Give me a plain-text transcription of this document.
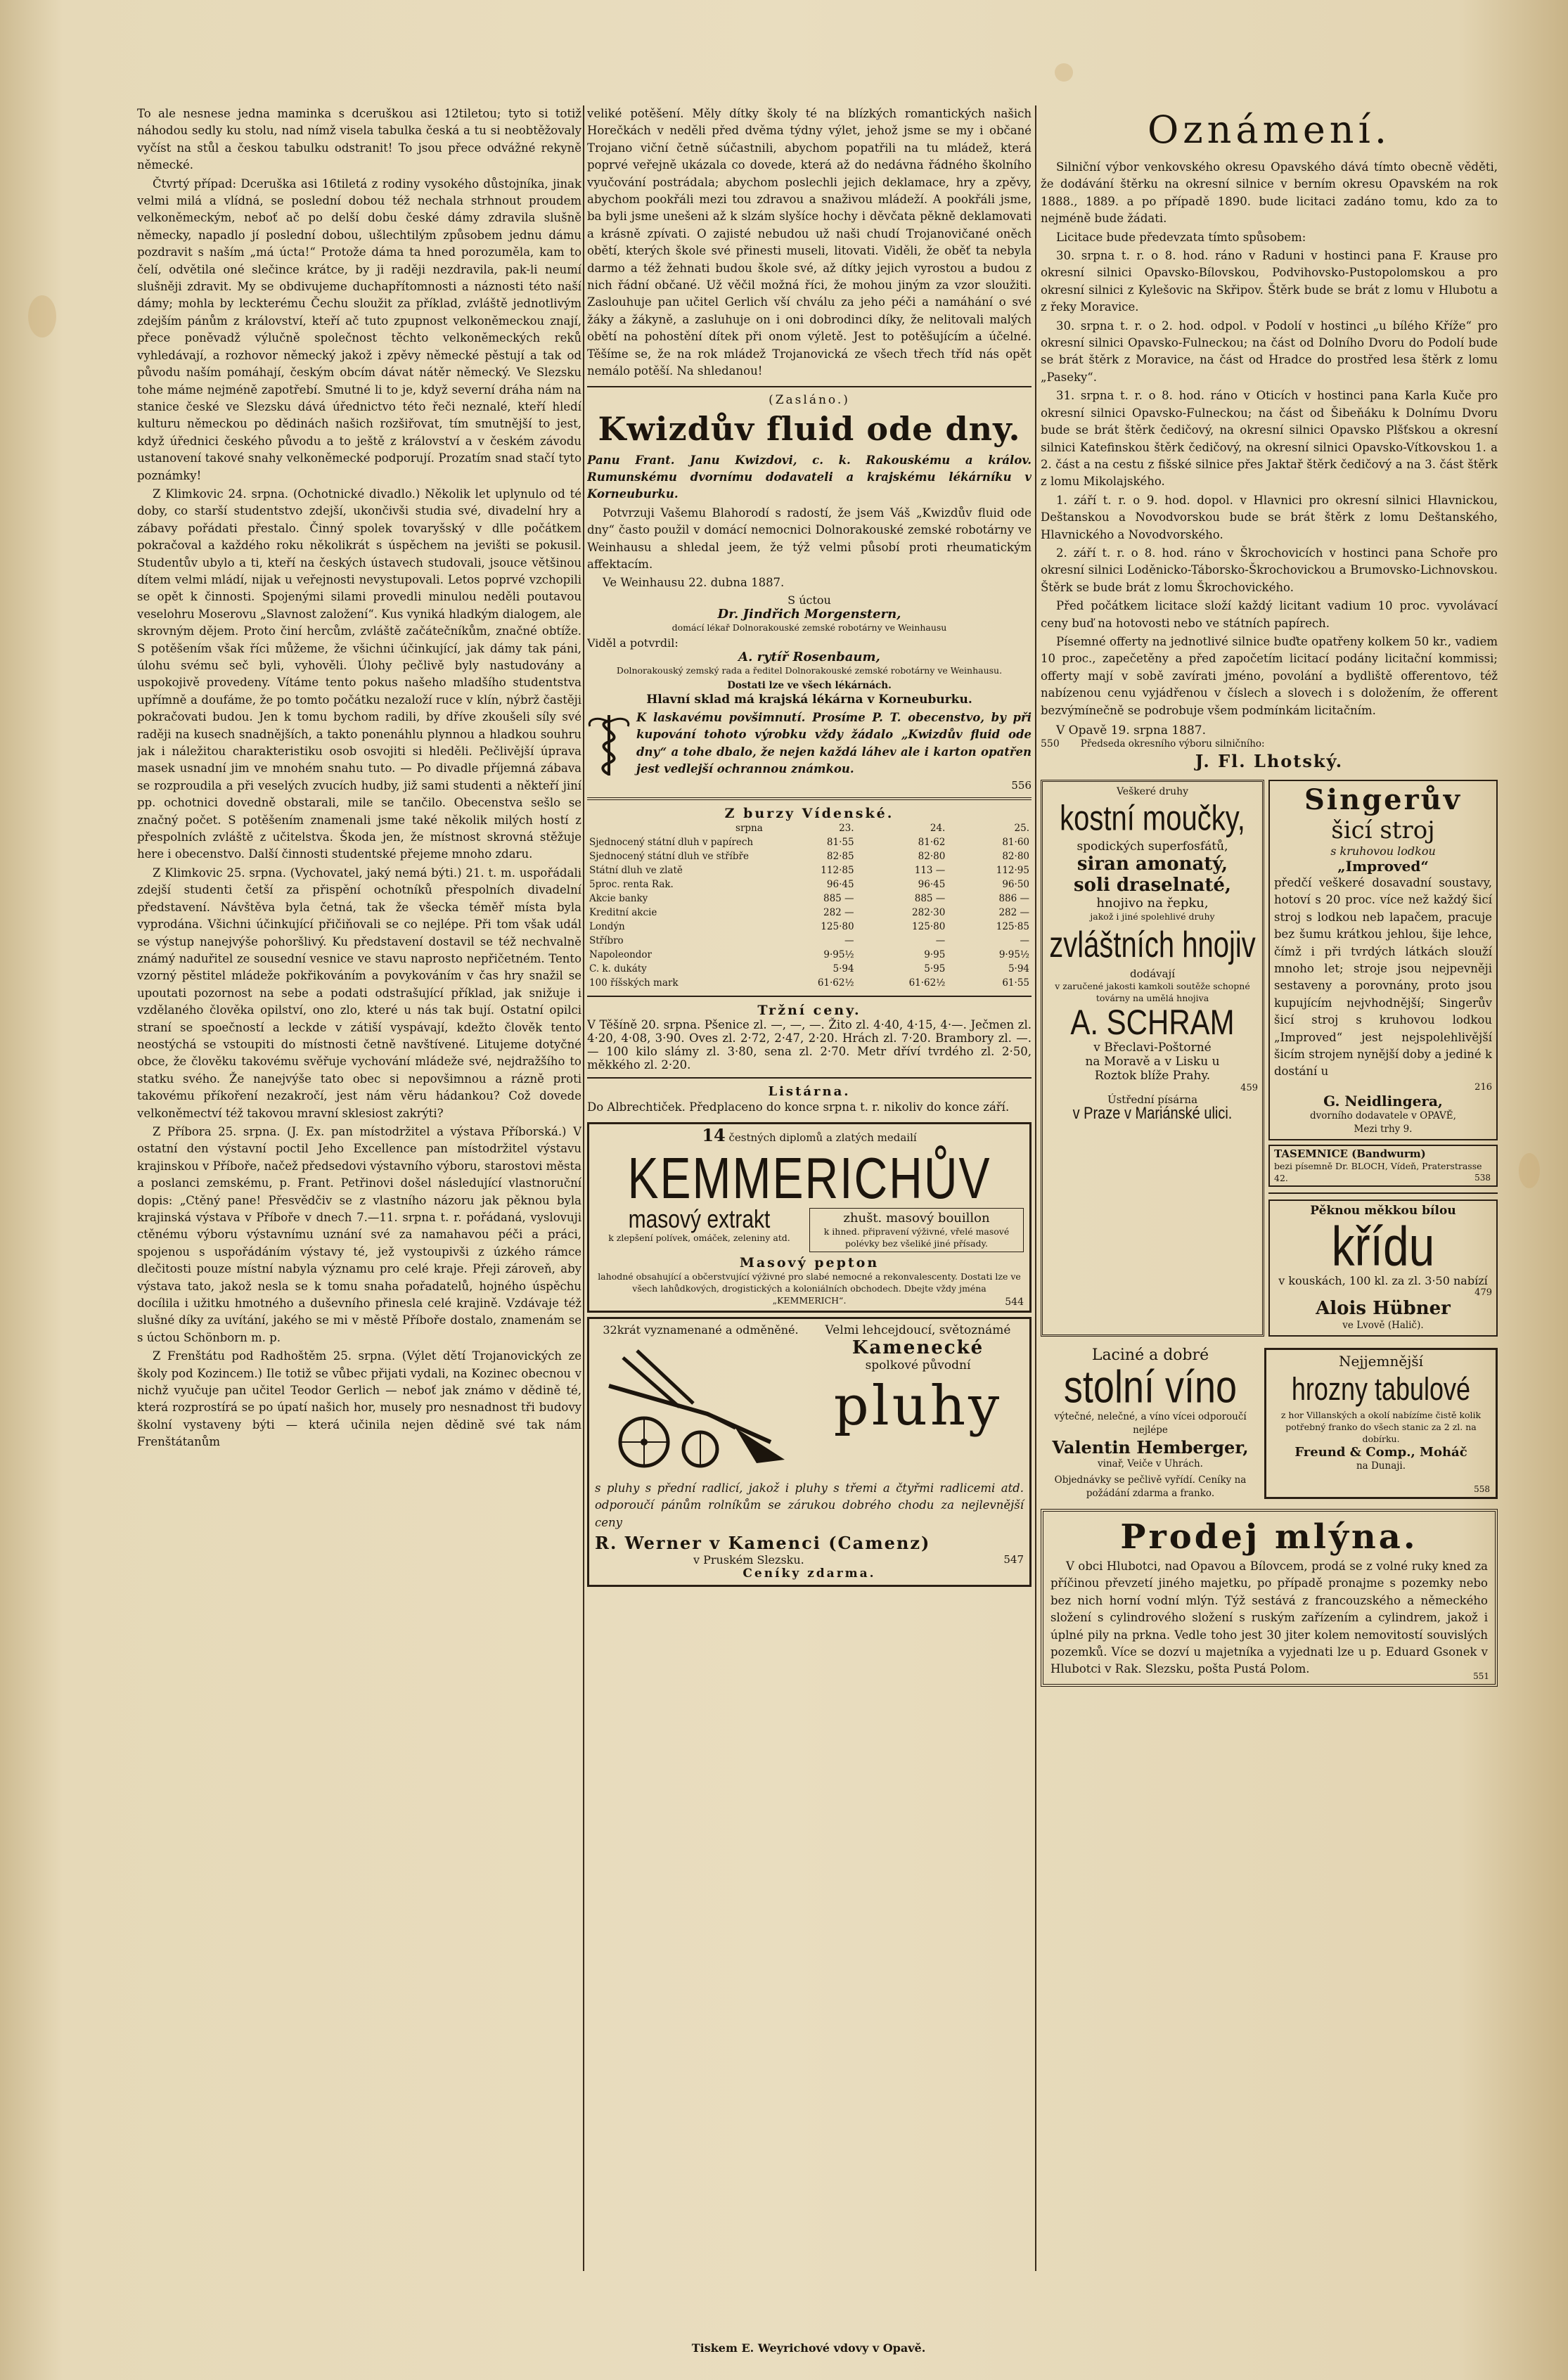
To ale nesnese jedna maminka s dceruškou asi 12tiletou; tyto si totiž náhodou sedly ku stolu, nad nímž visela tabulka česká a tu si neobtěžovaly vyčíst na stůl a českou tabulku odstranit! To jsou přece odvážné rekyně německé.

Čtvrtý případ: Dceruška asi 16tiletá z rodiny vysokého důstojníka, jinak velmi milá a vlídná, se poslední dobou též nechala strhnout proudem velkoněmeckým, neboť ač po delší dobu české dámy zdravila slušně německy, napadlo jí poslední dobou, ušlechtilým způsobem jednu dámu pozdravit s naším „má úcta!“ Protože dáma ta hned porozuměla, kam to čelí, odvětila oné slečince krátce, by ji raději nezdravila, pak-li neumí slušněji zdravit. My se obdivujeme duchapřítomnosti a náznosti této naší dámy; mohla by leckterému Čechu sloužit za příklad, zvláště jednotlivým zdejším pánům z království, kteří ač tuto zpupnost velkoněmeckou znají, přece poněvadž výlučně společnost těchto velkoněmeckých reků vyhledávají, a rozhovor německý jakož i zpěvy německé pěstují a tak od původu naším pomáhají, českým obcím dávat nátěr německý. Ve Slezsku tohe máme nejméně zapotřebí. Smutné li to je, když severní dráha nám na stanice české ve Slezsku dává úřednictvo této řeči neznalé, kteří hledí kulturu německou po dědinách našich rozšiřovat, tím smutnější to jest, když úřednici českého původu a to ještě z království a v českém závodu ustanovení takové snahy velkoněmecké podporují. Prozatím snad stačí tyto poznámky!

Z Klimkovic 24. srpna. (Ochotnické divadlo.) Několik let uplynulo od té doby, co starší studentstvo zdejší, ukončivši studia své, divadelní hry a zábavy pořádati přestalo. Činný spolek tovaryšský v dlle počátkem pokračoval a každého roku několikrát s úspěchem na jevišti se pokusil. Studentův ubylo a ti, kteří na českých ústavech studovali, jsouce většinou dítem velmi mládí, nijak u veřejnosti nevystupovali. Letos poprvé vzchopili se opět k činnosti. Spojenými silami provedli minulou neděli poutavou veselohru Moserovu „Slavnost založení“. Kus vyniká hladkým dialogem, ale skrovným dějem. Proto činí hercům, zvláště začátečníkům, značné obtíže. S potěšením však říci můžeme, že všichni účinkující, jak dámy tak páni, úlohu svému seč byli, vyhověli. Úlohy pečlivě byly nastudovány a uspokojivě provedeny. Vítáme tento pokus našeho mladšího studentstva upřímně a doufáme, že po tomto počátku nezaloží ruce v klín, nýbrž častěji pokračovati budou. Jen k tomu bychom radili, by dříve zkoušeli síly své raději na kusech snadnějších, a takto ponenáhlu plynnou a hladkou souhru jak i náležitou charakteristiku osob osvojiti si hleděli. Pečlivější úprava masek usnadní jim ve mnohém snahu tuto. — Po divadle příjemná zábava se rozproudila a při veselých zvucích hudby, již sami studenti a někteří jiní pp. ochotnici dovedně obstarali, mile se tančilo. Obecenstva sešlo se značný počet. S potěšením znamenali jsme také několik milých hostí z přespolních zvláště z učitelstva. Škoda jen, že místnost skrovná stěžuje here i obecenstvo. Další činnosti studentské přejeme mnoho zdaru.

Z Klimkovic 25. srpna. (Vychovatel, jaký nemá býti.) 21. t. m. uspořádali zdejší studenti četší za přispění ochotníků přespolních divadelní představení. Návštěva byla četná, tak že všecka téměř místa byla vyprodána. Všichni účinkující přičiňovali se co nejlépe. Při tom však udál se výstup nanejvýše pohoršlivý. Ku představení dostavil se též nechvalně známý naduřitel ze sousední vesnice ve stavu naprosto nepřičetném. Tento vzorný pěstitel mládeže pokřikováním a povykováním v čas hry snažil se upoutati pozornost na sebe a podati odstrašující příklad, jak snižuje i vzdělaného člověka opilství, ono zlo, které u nás tak bují. Ostatní opilci straní se spoečností a leckde v zátiší vyspávají, kdežto člověk tento neostýchá se vstoupiti do místnosti četně navštívené. Litujeme dotyčné obce, že člověku takovému svěřuje vychování mládeže své, nejdražšího to statku svého. Že nanejvýše tato obec si nepovšimnou a rázně proti takovému příkoření nezakročí, jest nám věru hádankou? Což dovede velkoněmectví též takovou mravní sklesiost zakrýti?

Z Příbora 25. srpna. (J. Ex. pan místodržitel a výstava Příborská.) V ostatní den výstavní poctil Jeho Excellence pan místodržitel výstavu krajinskou v Příboře, načež předsedovi výstavního výboru, starostovi města a poslanci zemskému, p. Frant. Petřinovi došel následující vlastnoruční dopis: „Ctěný pane! Přesvědčiv se z vlastního názoru jak pěknou byla krajinská výstava v Příboře v dnech 7.—11. srpna t. r. pořádaná, vyslovuji ctěnému výboru výstavnímu uznání své za namahavou péči a práci, spojenou s uspořádáním výstavy té, jež vystoupivši z úzkého rámce dlečitosti pouze místní nabyla významu pro celé kraje. Přeji zároveň, aby výstava tato, jakož nesla se k tomu snaha pořadatelů, hojného úspěchu docílila i užitku hmotného a duševního přinesla celé krajině. Vzdávaje též slušné díky za uvítání, jakého se mi v městě Příboře dostalo, znamenám se s úctou Schönborn m. p.

Z Frenštátu pod Radhoštěm 25. srpna. (Výlet dětí Trojanovických ze školy pod Kozincem.) Ile totiž se vůbec přijati vydali, na Kozinec obecnou v nichž vyučuje pan učitel Teodor Gerlich — neboť jak známo v dědině té, která rozprostírá se po úpatí našich hor, musely pro nesnadnost tři budovy školní vystaveny býti — která učinila nejen dědině své tak nám Frenštátanům

veliké potěšení. Měly dítky školy té na blízkých romantických našich Horečkách v neděli před dvěma týdny výlet, jehož jsme se my i občané Trojano viční četně súčastnili, abychom popatřili na tu mládež, která poprvé veřejně ukázala co dovede, která až do nedávna řádného školního vyučování postrádala; abychom poslechli jejich deklamace, hry a zpěvy, abychom pookřáli mezi tou zdravou a snaživou mládeží. A pookřáli jsme, ba byli jsme unešeni až k slzám slyšíce hochy i děvčata pěkně deklamovati a krásně zpívati. O zajisté nebudou už naši chudí Trojanovičané oněch obětí, kterých škole své přinesti museli, litovati. Viděli, že oběť ta nebyla darmo a též žehnati budou škole své, až dítky jejich vyrostou a budou z nich řádní občané. Už věčil možná říci, že mohou jiným za vzor sloužiti. Zaslouhuje pan učitel Gerlich vší chválu za jeho péči a namáhání o své žáky a žákyně, a zasluhuje on i oni dobrodinci díky, že nelitovali malých obětí na pohostění dítek při onom výletě. Jest to potěšujícím a účelné. Těšíme se, že na rok mládež Trojanovická ze všech třech tříd nás opět nemálo potěší. Na shledanou!

(Zasláno.)
Kwizdův fluid ode dny.

Panu Frant. Janu Kwizdovi, c. k. Rakouskému a králov. Rumunskému dvornímu dodavateli a krajskému lékárníku v Korneuburku.

Potvrzuji Vašemu Blahorodí s radostí, že jsem Váš „Kwizdův fluid ode dny“ často použil v domácí nemocnici Dolnorakouské zemské robotárny ve Weinhausu a shledal jeem, že týž velmi působí proti rheumatickým affektacím.

Ve Weinhausu 22. dubna 1887.

S úctou
Dr. Jindřich Morgenstern,
domácí lékař Dolnorakouské zemské robotárny ve Weinhausu
Viděl a potvrdil:
A. rytíř Rosenbaum,
Dolnorakouský zemský rada a ředitel Dolnorakouské zemské robotárny ve Weinhausu.
Dostati lze ve všech lékárnách.
Hlavní sklad má krajská lékárna v Korneuburku.

K laskavému povšimnutí. Prosíme P. T. obecenstvo, by při kupování tohoto výrobku vždy žádalo „Kwizdův fluid ode dny“ a tohe dbalo, že nejen každá láhev ale i karton opatřen jest vedlejší ochrannou známkou.

556
Z burzy Vídenské.
srpna	23.	24.	25.
Sjednocený státní dluh v papírech	81·55	81·62	81·60
Sjednocený státní dluh ve stříbře	82·85	82·80	82·80
Státní dluh ve zlatě	112·85	113 —	112·95
5proc. renta Rak.	96·45	96·45	96·50
Akcie banky	885 —	885 —	886 —
Kreditní akcie	282 —	282·30	282 —
Londýn	125·80	125·80	125·85
Stříbro	—	—	—
Napoleondor	9·95½	9·95	9·95½
C. k. dukáty	5·94	5·95	5·94
100 říšských mark	61·62½	61·62½	61·55
Tržní ceny.

V Těšíně 20. srpna. Pšenice zl. —, —, —. Žito zl. 4·40, 4·15, 4·—. Ječmen zl. 4·20, 4·08, 3·90. Oves zl. 2·72, 2·47, 2·20. Hrách zl. 7·20. Brambory zl. —. — 100 kilo slámy zl. 3·80, sena zl. 2·70. Metr dříví tvrdého zl. 2·50, měkkého zl. 2·20.

Listárna.

Do Albrechtiček. Předplaceno do konce srpna t. r. nikoliv do konce září.

14 čestných diplomů a zlatých medailí
KEMMERICHŮV
masový extrakt
k zlepšení polívek, omáček, zeleniny atd.
zhušt. masový bouillon
k ihned. připravení výživné, vřelé masové polévky bez všeliké jiné přísady.
Masový pepton
lahodné obsahující a občerstvující výživné pro slabé nemocné a rekonvalescenty. Dostati lze ve všech lahůdkových, drogistických a koloniálních obchodech. Dbejte vždy jména „KEMMERICH“.	544
32krát vyznamenané a odměněné.	Velmi lehcejdoucí, světoznámé
Kamenecké
spolkové původní
pluhy

s pluhy s přední radlicí, jakož i pluhy s třemi a čtyřmi radlicemi atd. odporoučí pánům rolníkům se zárukou dobrého chodu za nejlevnější ceny

R. Werner v Kamenci (Camenz)
v Pruském Slezsku.	547
Ceníky zdarma.
Oznámení.

Silniční výbor venkovského okresu Opavského dává tímto obecně věděti, že dodávání štěrku na okresní silnice v berním okresu Opavském na rok 1888., 1889. a po případě 1890. bude licitaci zadáno tomu, kdo za to nejméně bude žádati.

Licitace bude předevzata tímto spůsobem:

30. srpna t. r. o 8. hod. ráno v Raduni v hostinci pana F. Krause pro okresní silnici Opavsko-Bílovskou, Podvihovsko-Pustopolomskou a pro okresní silnici z Kylešovic na Skřipov. Štěrk bude se brát z lomu v Hlubotu a z řeky Moravice.

30. srpna t. r. o 2. hod. odpol. v Podolí v hostinci „u bílého Kříže“ pro okresní silnici Opavsko-Fulneckou; na část od Dolního Dvoru do Podolí bude se brát štěrk z Moravice, na část od Hradce do prostřed lesa štěrk z lomu „Paseky“.

31. srpna t. r. o 8. hod. ráno v Oticích v hostinci pana Karla Kuče pro okresní silnici Opavsko-Fulneckou; na část od Šibeňáku k Dolnímu Dvoru bude se brát štěrk čedičový, na okresní silnici Opavsko Plšťskou a okresní silnici Katefinskou štěrk čedičový, na okresní silnici Opavsko-Vítkovskou 1. a 2. část a na cestu z fišské silnice přes Jaktař štěrk čedičový a na 3. část štěrk z lomu Mikolajského.

1. září t. r. o 9. hod. dopol. v Hlavnici pro okresní silnici Hlavnickou, Deštanskou a Novodvorskou bude se brát štěrk z lomu Deštanského, Hlavnického a Novodvorského.

2. září t. r. o 8. hod. ráno v Škrochovicích v hostinci pana Schoře pro okresní silnici Loděnicko-Táborsko-Škrochovickou a Brumovsko-Lichnovskou. Štěrk se bude brát z lomu Škrochovického.

Před počátkem licitace složí každý licitant vadium 10 proc. vyvolávací ceny buď na hotovosti nebo ve státních papírech.

Písemné offerty na jednotlivé silnice buďte opatřeny kolkem 50 kr., vadiem 10 proc., zapečetěny a před započetím licitací podány licitační kommissi; offerty mají v sobě zavírati jméno, povolání a bydliště offerentovo, též nabízenou cenu vyjádřenou v číslech a slovech i s doložením, že offerent bezvýmínečně se podrobuje všem podmínkám licitačním.

V Opavě 19. srpna 1887.
550 Předseda okresního výboru silničního:
J. Fl. Lhotský.
Veškeré druhy
kostní moučky,
spodických superfosfátů,
siran amonatý,
soli draselnaté,
hnojivo na řepku,
jakož i jiné spolehlivé druhy
zvláštních hnojiv
dodávají
v zaručené jakosti kamkoli soutěže schopné továrny na umělá hnojiva
A. SCHRAM
v Břeclavi-Poštorné
na Moravě a v Lisku u
Roztok blíže Prahy.
459
Ústřední písárna
v Praze v Mariánské ulici.
Singerův
šicí stroj
s kruhovou lodkou
„Improved“

předčí veškeré dosavadní soustavy, hotoví s 20 proc. více než každý šicí stroj s lodkou neb lapačem, pracuje bez šumu krátkou jehlou, šije lehce, čímž i při tvrdých látkách slouží mnoho let; stroje jsou nejpevněji sestaveny a porovnány, proto jsou kupujícím nejvhodnější; Singerův šicí stroj s kruhovou lodkou „Improved“ jest nejspolehlivější šicím strojem nynější doby a jediné k dostání u

216
G. Neidlingera,
dvorního dodavatele v OPAVĚ,
Mezi trhy 9.
TASEMNICE (Bandwurm)
bezi písemně Dr. BLOCH, Vídeň, Praterstrasse 42.	538
Pěknou měkkou bílou
křídu
v kouskách, 100 kl. za zl. 3·50 nabízí
479
Alois Hübner
ve Lvově (Halič).
Laciné a dobré
stolní víno
výtečné, nelečné, a víno vícei odporoučí nejlépe
Valentin Hemberger,
vinař, Veiče v Uhrách.
Objednávky se pečlivě vyřídí. Ceníky na požádání zdarma a franko.
Nejjemnější
hrozny tabulové
z hor Villanských a okolí nabízíme čistě kolik potřebný franko do všech stanic za 2 zl. na dobírku.
Freund & Comp., Moháč
na Dunaji.
558
Prodej mlýna.

V obci Hlubotci, nad Opavou a Bílovcem, prodá se z volné ruky kned za příčinou převzetí jiného majetku, po případě pronajme s pozemky nebo bez nich horní vodní mlýn. Týž sestává z francouzského a německého složení s cylindrového složení s ruským zařízením a cylindrem, jakož i úplné pily na prkna. Vedle toho jest 30 jiter kolem nemovitostí souvislých pozemků. Více se dozví u majetníka a vyjednati lze u p. Eduard Gsonek v Hlubotci v Rak. Slezsku, pošta Pustá Polom.

551
Tiskem E. Weyrichové vdovy v Opavě.
